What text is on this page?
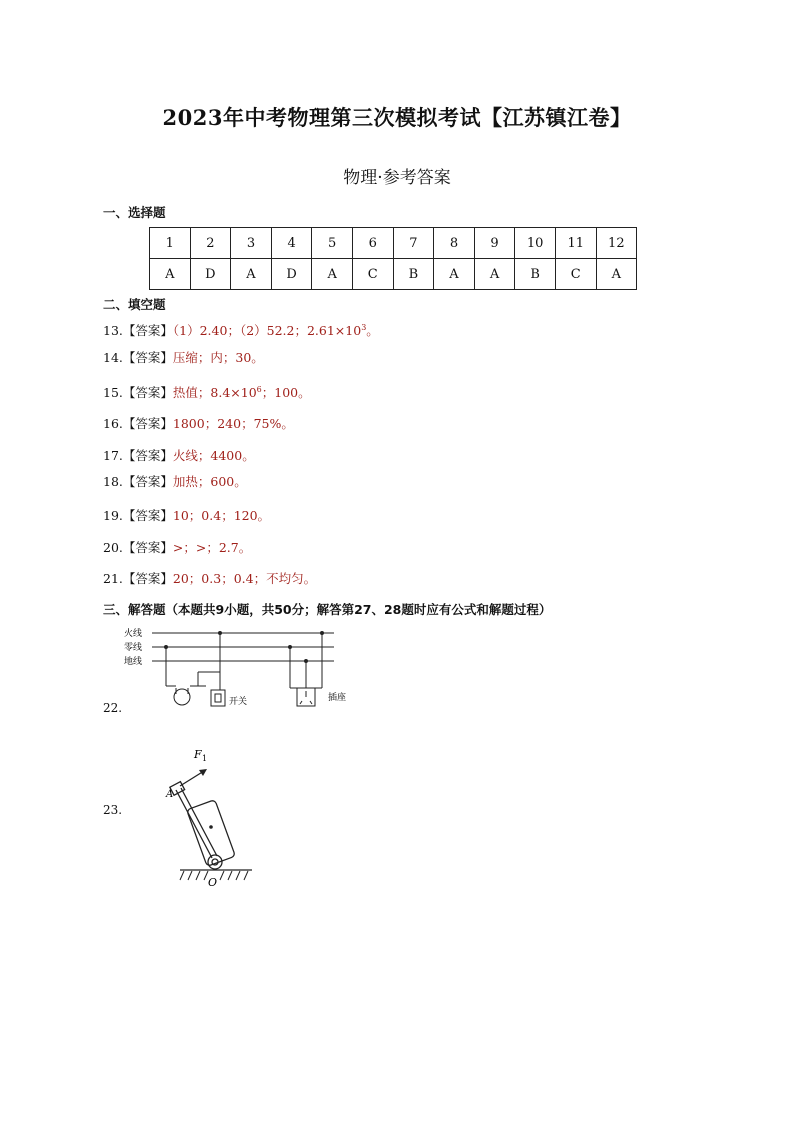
2023年中考物理第三次模拟考试【江苏镇江卷】
物理·参考答案
一、选择题
1	2	3	4	5	6	7	8	9	10	11	12
A	D	A	D	A	C	B	A	A	B	C	A
二、填空题
13.【答案】（1）2.40；（2）52.2；$2.61\times 10^3$。
14.【答案】压缩；内；30。
15.【答案】热值；$8.4\times 10^6$；100。
16.【答案】1800；240；75%。
17.【答案】火线；4400。
18.【答案】加热；600。
19.【答案】10；0.4；120。
20.【答案】>；>；2.7。
21.【答案】20；0.3；0.4；不均匀。
三、解答题（本题共9小题，共50分；解答第27、28题时应有公式和解题过程）
22.
火线
零线
地线
开关	插座
23.
F 1
A
O
